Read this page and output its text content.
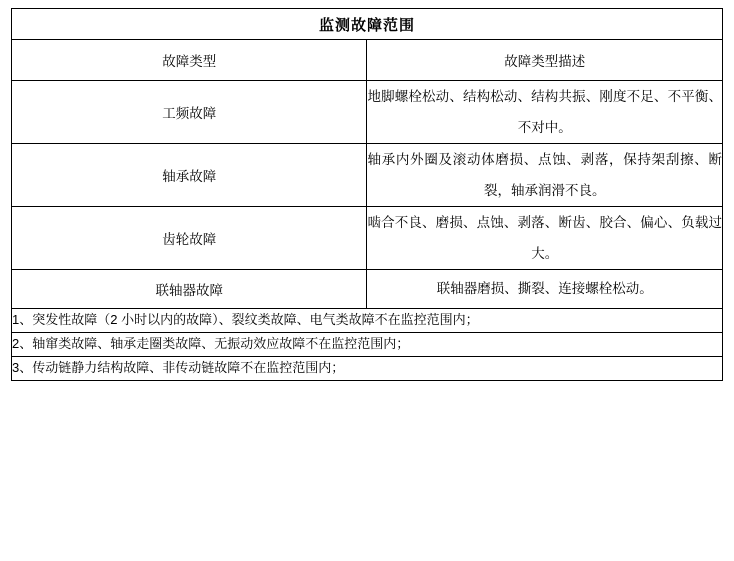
监测故障范围	
故障类型	故障类型描述
工频故障	地脚螺栓松动、结构松动、结构共振、刚度不足、不平衡、不对中。
轴承故障	轴承内外圈及滚动体磨损、点蚀、剥落，保持架刮擦、断裂，轴承润滑不良。
齿轮故障	啮合不良、磨损、点蚀、剥落、断齿、胶合、偏心、负载过大。
联轴器故障	联轴器磨损、撕裂、连接螺栓松动。
1、突发性故障（2 小时以内的故障）、裂纹类故障、电气类故障不在监控范围内；	
2、轴窜类故障、轴承走圈类故障、无振动效应故障不在监控范围内；	
3、传动链静力结构故障、非传动链故障不在监控范围内；	
